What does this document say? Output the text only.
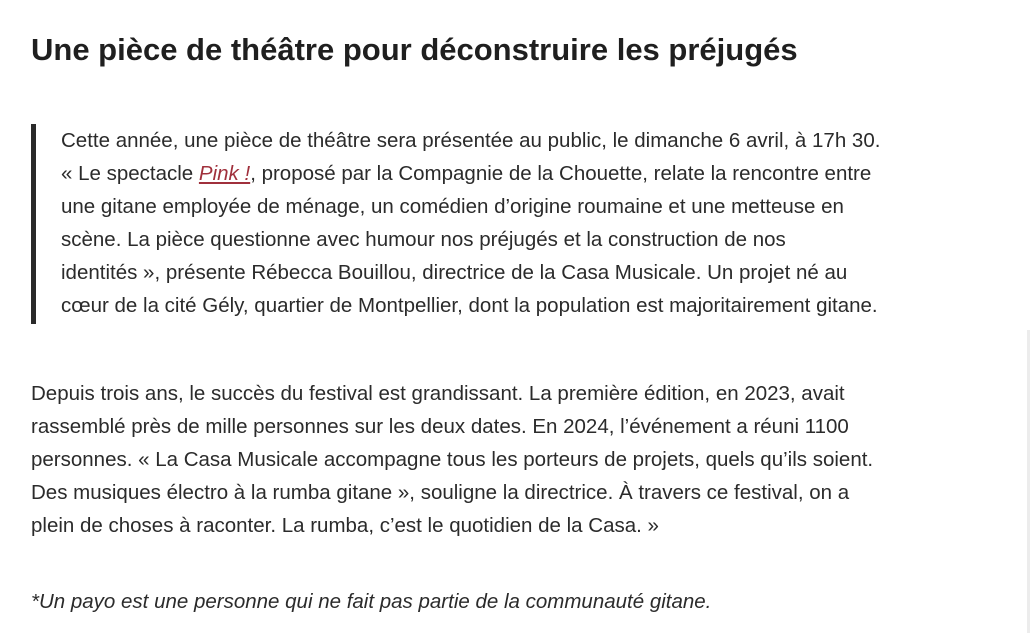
Une pièce de théâtre pour déconstruire les préjugés
Cette année, une pièce de théâtre sera présentée au public, le dimanche 6 avril, à 17h 30.
« Le spectacle Pink !, proposé par la Compagnie de la Chouette, relate la rencontre entre
une gitane employée de ménage, un comédien d’origine roumaine et une metteuse en
scène. La pièce questionne avec humour nos préjugés et la construction de nos
identités », présente Rébecca Bouillou, directrice de la Casa Musicale. Un projet né au
cœur de la cité Gély, quartier de Montpellier, dont la population est majoritairement gitane.
Depuis trois ans, le succès du festival est grandissant. La première édition, en 2023, avait
rassemblé près de mille personnes sur les deux dates. En 2024, l’événement a réuni 1100
personnes. « La Casa Musicale accompagne tous les porteurs de projets, quels qu’ils soient.
Des musiques électro à la rumba gitane », souligne la directrice. À travers ce festival, on a
plein de choses à raconter. La rumba, c’est le quotidien de la Casa. »
*Un payo est une personne qui ne fait pas partie de la communauté gitane.
